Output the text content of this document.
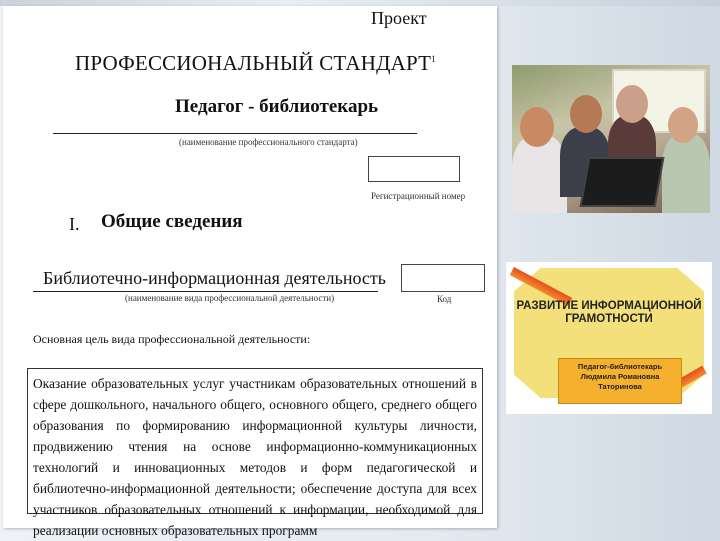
Проект
ПРОФЕССИОНАЛЬНЫЙ СТАНДАРТ$^1$
Педагог - библиотекарь
(наименование профессионального стандарта)
Регистрационный номер
I. Общие сведения
Библиотечно-информационная деятельность
(наименование вида профессиональной деятельности)	Код
Основная цель вида профессиональной деятельности:
Оказание образовательных услуг участникам образовательных отношений в сфере дошкольного, начального общего, основного общего, среднего общего образования по формированию информационной культуры личности, продвижению чтения на основе информационно-коммуникационных технологий и инновационных методов и форм педагогической и библиотечно-информационной деятельности; обеспечение доступа для всех участников образовательных отношений к информации, необходимой для реализации основных образовательных программ
РАЗВИТИЕ ИНФОРМАЦИОННОЙ ГРАМОТНОСТИ
Педагог-библиотекарь
Людмила Романовна
Таторинова
